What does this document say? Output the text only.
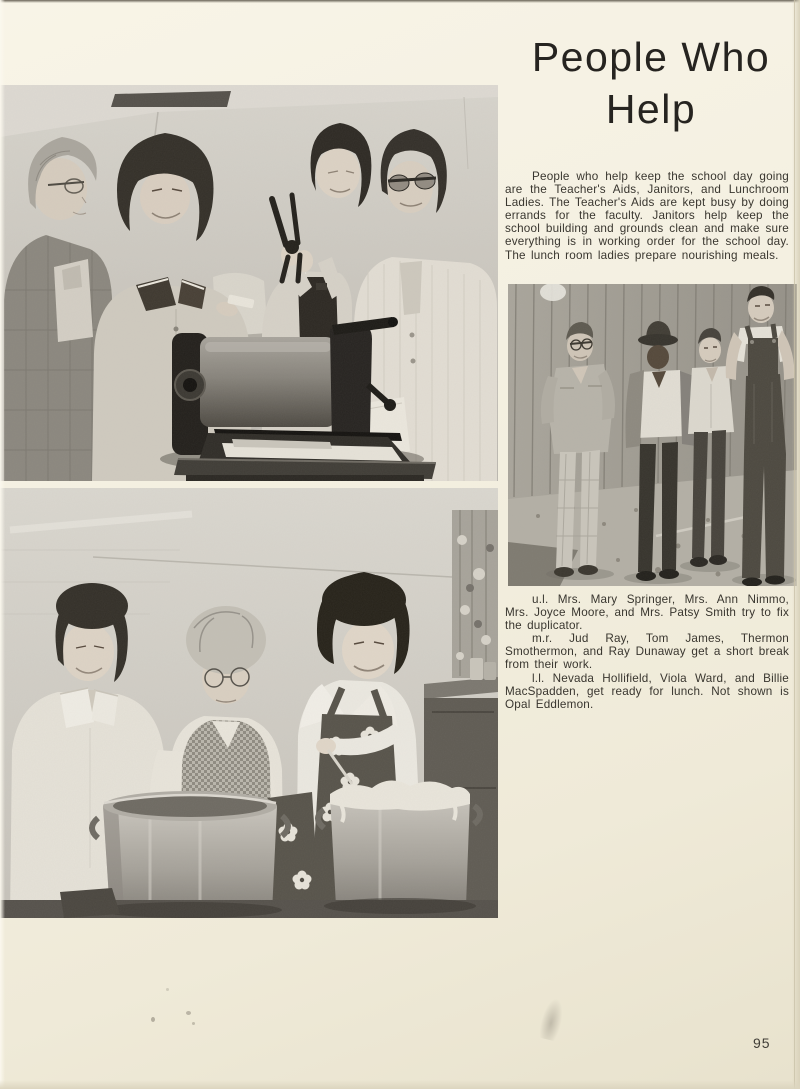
People Who
Help

People who help keep the school day going are the Teacher's Aids, Janitors, and Lunchroom Ladies. The Teacher's Aids are kept busy by doing errands for the faculty. Janitors help keep the school building and grounds clean and make sure everything is in working order for the school day. The lunch room ladies prepare nourishing meals.

u.l. Mrs. Mary Springer, Mrs. Ann Nimmo, Mrs. Joyce Moore, and Mrs. Patsy Smith try to fix the duplicator.

m.r. Jud Ray, Tom James, Thermon Smothermon, and Ray Dunaway get a short break from their work.

l.l. Nevada Hollifield, Viola Ward, and Billie MacSpadden, get ready for lunch. Not shown is Opal Eddlemon.

95
